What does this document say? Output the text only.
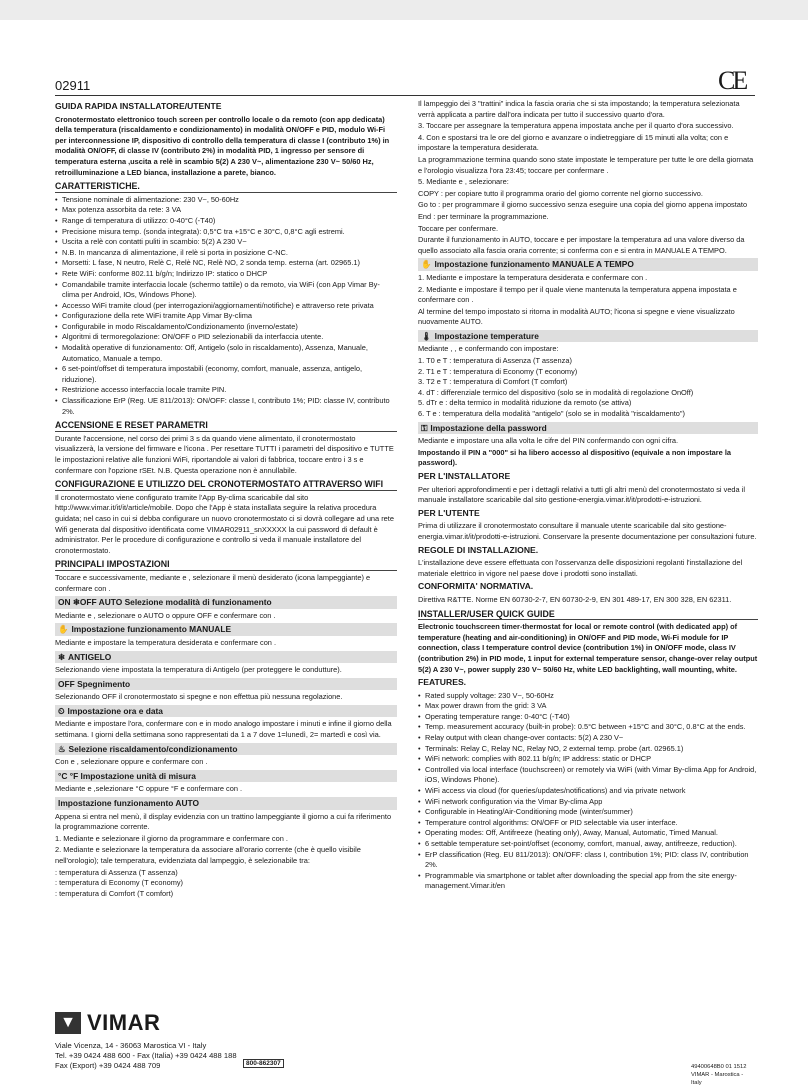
02911	CE
GUIDA RAPIDA INSTALLATORE/UTENTE

Cronotermostato elettronico touch screen per controllo locale o da remoto (con app dedicata) della temperatura (riscaldamento e condizionamento) in modalità ON/OFF e PID, modulo Wi-Fi per interconnessione IP, dispositivo di controllo della temperatura di classe I (contributo 1%) in modalità ON/OFF, di classe IV (contributo 2%) in modalità PID, 1 ingresso per sensore di temperatura esterna ,uscita a relè in scambio 5(2) A 230 V~, alimentazione 230 V~ 50/60 Hz, retroilluminazione a LED bianca, installazione a parete, bianco.

CARATTERISTICHE.
• Tensione nominale di alimentazione: 230 V~, 50-60Hz
• Max potenza assorbita da rete: 3 VA
• Range di temperatura di utilizzo: 0-40°C (-T40)
• Precisione misura temp. (sonda integrata): 0,5°C tra +15°C e 30°C, 0,8°C agli estremi.
• Uscita a relè con contatti puliti in scambio: 5(2) A 230 V~
• N.B. In mancanza di alimentazione, il relè si porta in posizione C-NC.
• Morsetti: L fase, N neutro, Relè C, Relè NC, Relè NO, 2 sonda temp. esterna (art. 02965.1)
• Rete WiFi: conforme 802.11 b/g/n; Indirizzo IP: statico o DHCP
• Comandabile tramite interfaccia locale (schermo tattile) o da remoto, via WiFi (con App Vimar By-clima per Android, IOs, Windows Phone).
• Accesso WiFi tramite cloud (per interrogazioni/aggiornamenti/notifiche) e attraverso rete privata
• Configurazione della rete WiFi tramite App Vimar By-clima
• Configurabile in modo Riscaldamento/Condizionamento (inverno/estate)
• Algoritmi di termoregolazione: ON/OFF o PID selezionabili da interfaccia utente.
• Modalità operative di funzionamento: Off, Antigelo (solo in riscaldamento), Assenza, Manuale, Automatico, Manuale a tempo.
• 6 set-point/offset di temperatura impostabili (economy, comfort, manuale, assenza, antigelo, riduzione).
• Restrizione accesso interfaccia locale tramite PIN.
• Classificazione ErP (Reg. UE 811/2013): ON/OFF: classe I, contributo 1%; PID: classe IV, contributo 2%.
ACCENSIONE E RESET PARAMETRI

Durante l'accensione, nel corso dei primi 3 s da quando viene alimentato, il cronotermostato visualizzerà, la versione del firmware e l'icona . Per resettare TUTTI i parametri del dispositivo e TUTTE le impostazioni relative alle funzioni WiFi, riportandole ai valori di fabbrica, toccare entro i 3 s e confermare con l'opzione rSEt. N.B. Questa operazione non è annullabile.

CONFIGURAZIONE E UTILIZZO DEL CRONOTERMOSTATO ATTRAVERSO WIFI

Il cronotermostato viene configurato tramite l'App By-clima scaricabile dal sito http://www.vimar.it/it/it/article/mobile. Dopo che l'App è stata installata seguire la relativa procedura guidata; nel caso in cui si debba configurare un nuovo cronotermostato ci si dovrà collegare ad una rete Wifi generata dal dispositivo identificata come VIMAR02911_snXXXXX la cui password di default è administrator. Per le procedure di configurazione e controllo si veda il manuale installatore del cronotermostato.

PRINCIPALI IMPOSTAZIONI

Toccare e successivamente, mediante e , selezionare il menù desiderato (icona lampeggiante) e confermare con .

ON ❄OFF AUTO Selezione modalità di funzionamento

Mediante e , selezionare o AUTO o oppure OFF e confermare con .

✋ Impostazione funzionamento MANUALE

Mediante e impostare la temperatura desiderata e confermare con .

❄ ANTIGELO

Selezionando viene impostata la temperatura di Antigelo (per proteggere le condutture).

OFF Spegnimento

Selezionando OFF il cronotermostato si spegne e non effettua più nessuna regolazione.

⏲ Impostazione ora e data

Mediante e impostare l'ora, confermare con e in modo analogo impostare i minuti e infine il giorno della settimana. I giorni della settimana sono rappresentati da 1 a 7 dove 1=lunedì, 2= martedì e così via.

♨ Selezione riscaldamento/condizionamento

Con e , selezionare oppure e confermare con .

°C °F Impostazione unità di misura

Mediante e ,selezionare °C oppure °F e confermare con .

Impostazione funzionamento AUTO

Appena si entra nel menù, il display evidenzia con un trattino lampeggiante il giorno a cui fa riferimento la programmazione corrente.

1. Mediante e selezionare il giorno da programmare e confermare con .

2. Mediante e selezionare la temperatura da associare all'orario corrente (che è quello visibile nell'orologio); tale temperatura, evidenziata dal lampeggio, è selezionabile tra:

: temperatura di Assenza (T assenza)
: temperatura di Economy (T economy)
: temperatura di Comfort (T comfort)

Il lampeggio dei 3 "trattini" indica la fascia oraria che si sta impostando; la temperatura selezionata verrà applicata a partire dall'ora indicata per tutto il successivo quarto d'ora.

3. Toccare per assegnare la temperatura appena impostata anche per il quarto d'ora successivo.

4. Con e spostarsi tra le ore del giorno e avanzare o indietreggiare di 15 minuti alla volta; con e impostare la temperatura desiderata.

La programmazione termina quando sono state impostate le temperature per tutte le ore della giornata e l'orologio visualizza l'ora 23:45; toccare per confermare .

5. Mediante e , selezionare:

COPY : per copiare tutto il programma orario del giorno corrente nel giorno successivo.

Go to : per programmare il giorno successivo senza eseguire una copia del giorno appena impostato

End : per terminare la programmazione.

Toccare per confermare.

Durante il funzionamento in AUTO, toccare e per impostare la temperatura ad una valore diverso da quello associato alla fascia oraria corrente; si conferma con e si entra in MANUALE A TEMPO.

✋ Impostazione funzionamento MANUALE A TEMPO

1. Mediante e impostare la temperatura desiderata e confermare con .

2. Mediante e impostare il tempo per il quale viene mantenuta la temperatura appena impostata e confermare con .

Al termine del tempo impostato si ritorna in modalità AUTO; l'icona si spegne e viene visualizzato nuovamente AUTO.

🌡 Impostazione temperature

Mediante , , e confermando con impostare:

1. T0 e T : temperatura di Assenza (T assenza)
2. T1 e T : temperatura di Economy (T economy)
3. T2 e T : temperatura di Comfort (T comfort)
4. dT : differenziale termico del dispositivo (solo se in modalità di regolazione OnOff)
5. dTr e : delta termico in modalità riduzione da remoto (se attiva)
6. T e : temperatura della modalità "antigelo" (solo se in modalità "riscaldamento")
⚿ Impostazione della password

Mediante e impostare una alla volta le cifre del PIN confermando con ogni cifra.

Impostando il PIN a "000" si ha libero accesso al dispositivo (equivale a non impostare la password).

PER L'INSTALLATORE

Per ulteriori approfondimenti e per i dettagli relativi a tutti gli altri menù del cronotermostato si veda il manuale installatore scaricabile dal sito gestione-energia.vimar.it/it/prodotti-e-istruzioni.

PER L'UTENTE

Prima di utilizzare il cronotermostato consultare il manuale utente scaricabile dal sito gestione-energia.vimar.it/it/prodotti-e-istruzioni. Conservare la presente documentazione per consultazioni future.

REGOLE DI INSTALLAZIONE.

L'installazione deve essere effettuata con l'osservanza delle disposizioni regolanti l'installazione del materiale elettrico in vigore nel paese dove i prodotti sono installati.

CONFORMITA' NORMATIVA.

Direttiva R&TTE. Norme EN 60730-2-7, EN 60730-2-9, EN 301 489-17, EN 300 328, EN 62311.

INSTALLER/USER QUICK GUIDE

Electronic touchscreen timer-thermostat for local or remote control (with dedicated app) of temperature (heating and air-conditioning) in ON/OFF and PID mode, Wi-Fi module for IP connection, class I temperature control device (contribution 1%) in ON/OFF mode, class IV (contribution 2%) in PID mode, 1 input for external temperature sensor, change-over relay output 5(2) A 230 V~, power supply 230 V~ 50/60 Hz, white LED backlighting, wall mounting, white.

FEATURES.
• Rated supply voltage: 230 V~, 50-60Hz
• Max power drawn from the grid: 3 VA
• Operating temperature range: 0-40°C (-T40)
• Temp. measurement accuracy (built-in probe): 0.5°C between +15°C and 30°C, 0.8°C at the ends.
• Relay output with clean change-over contacts: 5(2) A 230 V~
• Terminals: Relay C, Relay NC, Relay NO, 2 external temp. probe (art. 02965.1)
• WiFi network: complies with 802.11 b/g/n; IP address: static or DHCP
• Controlled via local interface (touchscreen) or remotely via WiFi (with Vimar By-clima App for Android, iOS, Windows Phone).
• WiFi access via cloud (for queries/updates/notifications) and via private network
• WiFi network configuration via the Vimar By-clima App
• Configurable in Heating/Air-Conditioning mode (winter/summer)
• Temperature control algorithms: ON/OFF or PID selectable via user interface.
• Operating modes: Off, Antifreeze (heating only), Away, Manual, Automatic, Timed Manual.
• 6 settable temperature set-point/offset (economy, comfort, manual, away, antifreeze, reduction).
• ErP classification (Reg. EU 811/2013): ON/OFF: class I, contribution 1%; PID: class IV, contribution 2%.
• Programmable via smartphone or tablet after downloading the special app from the site energy-management.Vimar.it/en
▼ VIMAR
Viale Vicenza, 14 - 36063 Marostica VI - Italy
Tel. +39 0424 488 600 - Fax (Italia) +39 0424 488 188
Fax (Export) +39 0424 488 709	800-862307	49400648B0 01 1512
VIMAR - Marostica - Italy
